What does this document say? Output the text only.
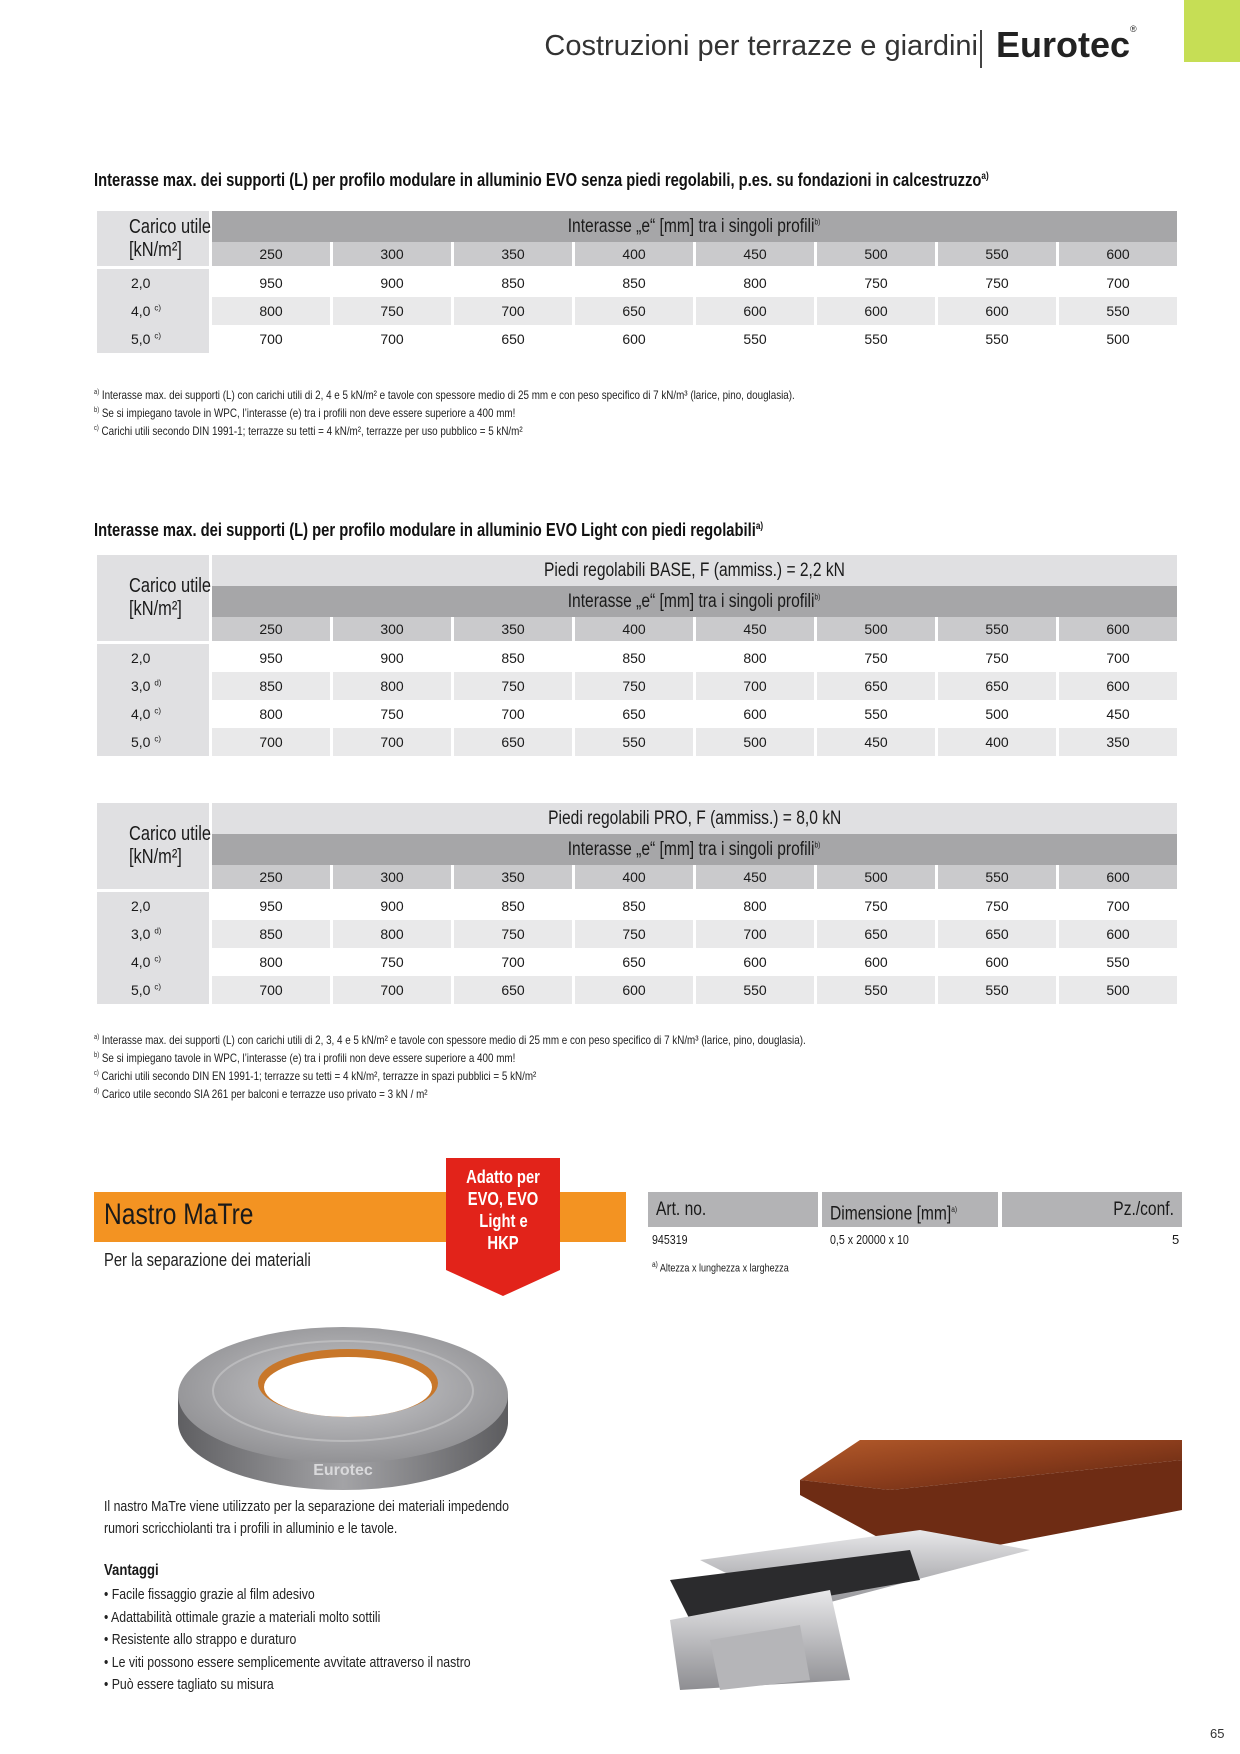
Costruzioni per terrazze e giardini Eurotec®
Interasse max. dei supporti (L) per profilo modulare in alluminio EVO senza piedi regolabili, p.es. su fondazioni in calcestruzzo$^{a)}$
Carico utile
[kN/m²]	Interasse „e“ [mm] tra i singoli profili$^{b)}$
	250	300	350	400	450	500	550	600

2,0	950	900	850	850	800	750	750	700
4,0 $^{c)}$	800	750	700	650	600	600	600	550
5,0 $^{c)}$	700	700	650	600	550	550	550	500
$^{a)}$ Interasse max. dei supporti (L) con carichi utili di 2, 4 e 5 kN/m² e tavole con spessore medio di 25 mm e con peso specifico di 7 kN/m³ (larice, pino, douglasia).
$^{b)}$ Se si impiegano tavole in WPC, l’interasse (e) tra i profili non deve essere superiore a 400 mm!
$^{c)}$ Carichi utili secondo DIN 1991-1; terrazze su tetti = 4 kN/m², terrazze per uso pubblico = 5 kN/m²
Interasse max. dei supporti (L) per profilo modulare in alluminio EVO Light con piedi regolabili$^{a)}$
Carico utile
[kN/m²]	Piedi regolabili BASE, F (ammiss.) = 2,2 kN							
	Interasse „e“ [mm] tra i singoli profili$^{b)}$
	250	300	350	400	450	500	550	600

2,0	950	900	850	850	800	750	750	700
3,0 $^{d)}$	850	800	750	750	700	650	650	600
4,0 $^{c)}$	800	750	700	650	600	550	500	450
5,0 $^{c)}$	700	700	650	550	500	450	400	350
Carico utile
[kN/m²]	Piedi regolabili PRO, F (ammiss.) = 8,0 kN							
	Interasse „e“ [mm] tra i singoli profili$^{b)}$
	250	300	350	400	450	500	550	600

2,0	950	900	850	850	800	750	750	700
3,0 $^{d)}$	850	800	750	750	700	650	650	600
4,0 $^{c)}$	800	750	700	650	600	600	600	550
5,0 $^{c)}$	700	700	650	600	550	550	550	500
$^{a)}$ Interasse max. dei supporti (L) con carichi utili di 2, 3, 4 e 5 kN/m² e tavole con spessore medio di 25 mm e con peso specifico di 7 kN/m³ (larice, pino, douglasia).
$^{b)}$ Se si impiegano tavole in WPC, l’interasse (e) tra i profili non deve essere superiore a 400 mm!
$^{c)}$ Carichi utili secondo DIN EN 1991-1; terrazze su tetti = 4 kN/m², terrazze in spazi pubblici = 5 kN/m²
$^{d)}$ Carico utile secondo SIA 261 per balconi e terrazze uso privato = 3 kN / m²
Nastro MaTre
Adatto per
EVO, EVO
Light e
HKP
Per la separazione dei materiali
Art. no.	Dimensione [mm]$^{a)}$	Pz./conf.
945319	0,5 x 20000 x 10	5
$^{a)}$ Altezza x lunghezza x larghezza
Eurotec
Il nastro MaTre viene utilizzato per la separazione dei materiali impedendo
rumori scricchiolanti tra i profili in alluminio e le tavole.
Vantaggi
• Facile fissaggio grazie al film adesivo
• Adattabilità ottimale grazie a materiali molto sottili
• Resistente allo strappo e duraturo
• Le viti possono essere semplicemente avvitate attraverso il nastro
• Può essere tagliato su misura
65
